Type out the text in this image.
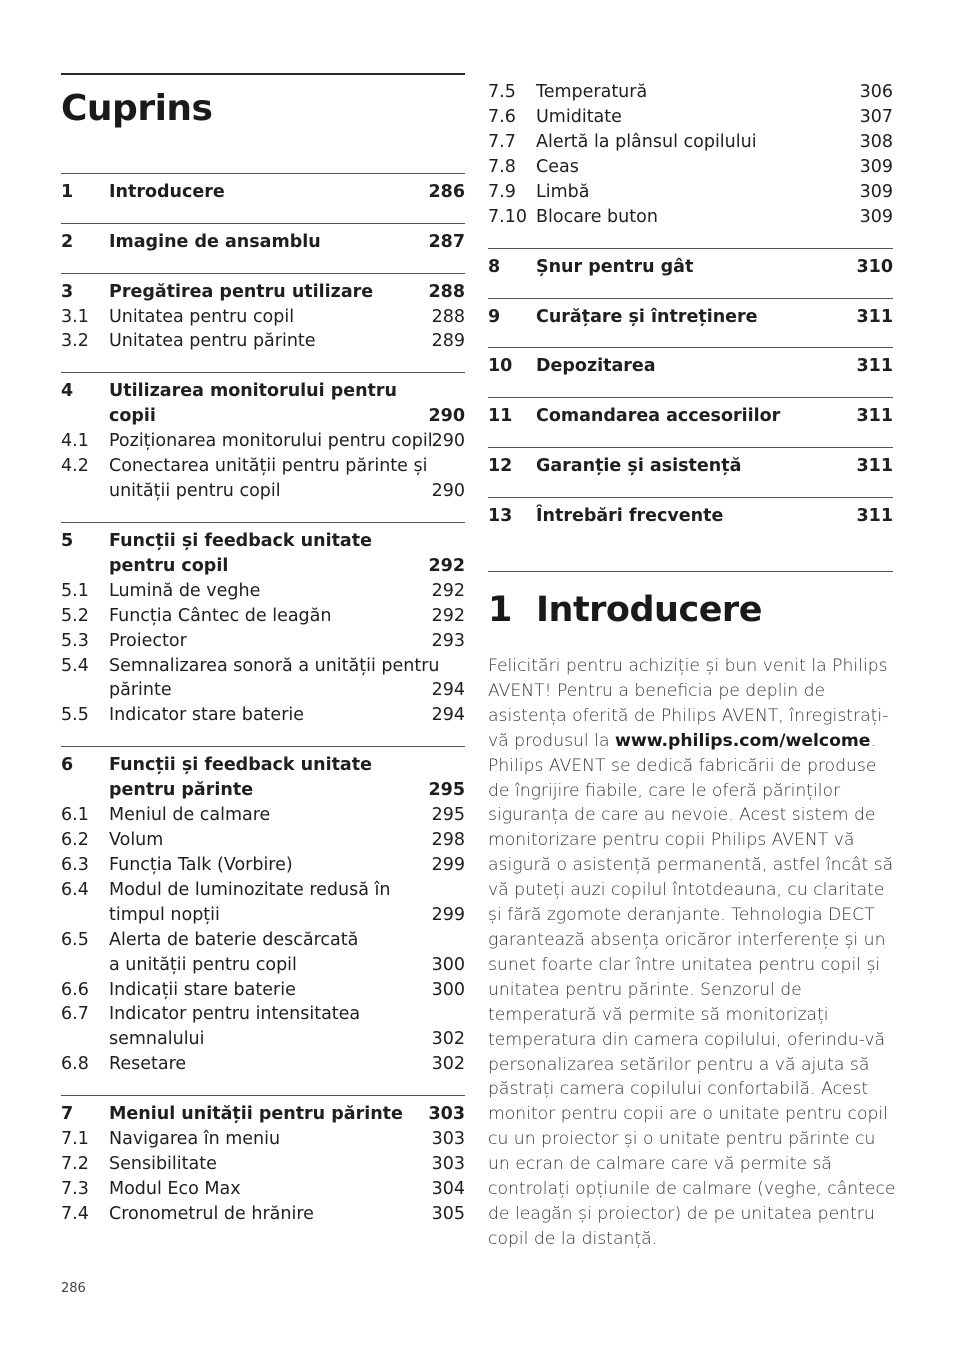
Cuprins
1 Introducere

Felicitări pentru achiziție și bun venit la Philips AVENT! Pentru a beneficia pe deplin de asistența oferită de Philips AVENT, înregistrați-vă produsul la www.philips.com/welcome.

Philips AVENT se dedică fabricării de produse de îngrijire fiabile, care le oferă părinților siguranța de care au nevoie. Acest sistem de monitorizare pentru copii Philips AVENT vă asigură o asistență permanentă, astfel încât să vă puteți auzi copilul întotdeauna, cu claritate și fără zgomote deranjante. Tehnologia DECT garantează absența oricăror interferențe și un sunet foarte clar între unitatea pentru copil și unitatea pentru părinte. Senzorul de temperatură vă permite să monitorizați temperatura din camera copilului, oferindu-vă personalizarea setărilor pentru a vă ajuta să păstrați camera copilului confortabilă. Acest monitor pentru copii are o unitate pentru copil cu un proiector și o unitate pentru părinte cu un ecran de calmare care vă permite să controlați opțiunile de calmare (veghe, cântece de leagăn și proiector) de pe unitatea pentru copil de la distanță.

286
1 Introducere	286
2 Imagine de ansamblu	287
3 Pregătirea pentru utilizare	288
3.1 Unitatea pentru copil	288
3.2 Unitatea pentru părinte	289
4 Utilizarea monitorului pentru
copii	290
4.1 Poziționarea monitorului pentru copil 290
4.2 Conectarea unității pentru părinte și
unității pentru copil	290
5 Funcții și feedback unitate
pentru copil	292
5.1 Lumină de veghe	292
5.2 Funcția Cântec de leagăn	292
5.3 Proiector	293
5.4 Semnalizarea sonoră a unității pentru
părinte	294
5.5 Indicator stare baterie	294
6 Funcții și feedback unitate
pentru părinte	295
6.1 Meniul de calmare	295
6.2 Volum	298
6.3 Funcția Talk (Vorbire)	299
6.4 Modul de luminozitate redusă în
timpul nopții	299
6.5 Alerta de baterie descărcată
a unității pentru copil	300
6.6 Indicații stare baterie	300
6.7 Indicator pentru intensitatea
semnalului	302
6.8 Resetare	302
7 Meniul unității pentru părinte 303
7.1 Navigarea în meniu	303
7.2 Sensibilitate	303
7.3 Modul Eco Max	304
7.4 Cronometrul de hrănire	305
7.5 Temperatură	306
7.6 Umiditate	307
7.7 Alertă la plânsul copilului	308
7.8 Ceas	309
7.9 Limbă	309
7.10 Blocare buton	309
8 Șnur pentru gât	310
9 Curățare și întreținere	311
10 Depozitarea	311
11 Comandarea accesoriilor	311
12 Garanție și asistență	311
13 Întrebări frecvente	311
